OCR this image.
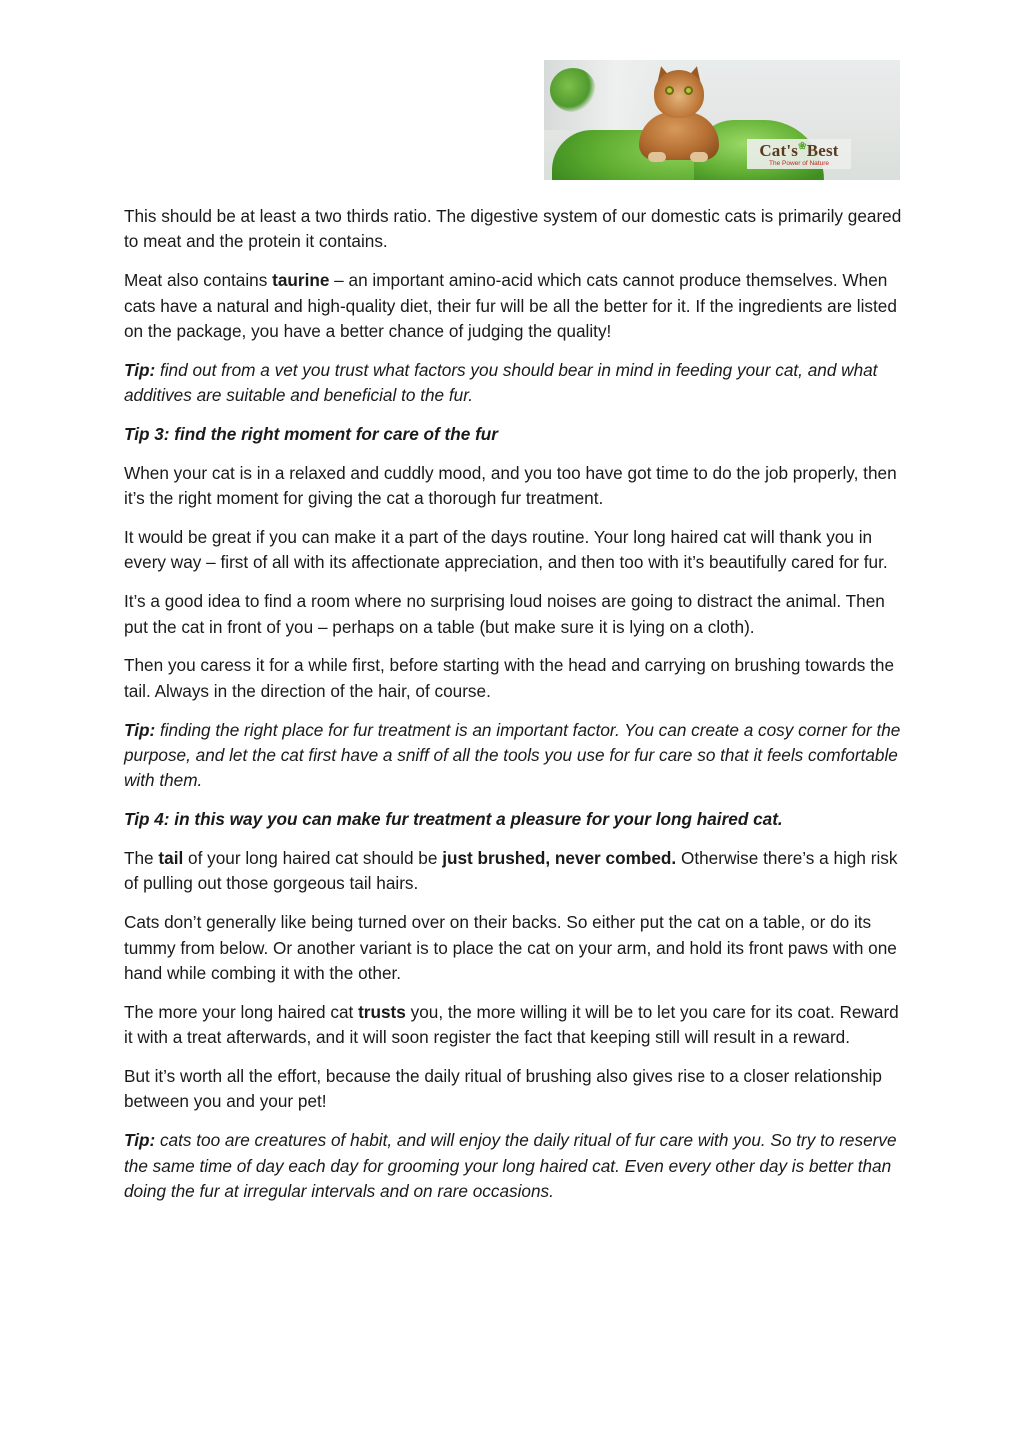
Cat's❀Best
The Power of Nature

This should be at least a two thirds ratio. The digestive system of our domestic cats is primarily geared to meat and the protein it contains.

Meat also contains taurine – an important amino-acid which cats cannot produce themselves. When cats have a natural and high-quality diet, their fur will be all the better for it. If the ingredients are listed on the package, you have a better chance of judging the quality!

Tip: find out from a vet you trust what factors you should bear in mind in feeding your cat, and what additives are suitable and beneficial to the fur.

Tip 3: find the right moment for care of the fur

When your cat is in a relaxed and cuddly mood, and you too have got time to do the job properly, then it’s the right moment for giving the cat a thorough fur treatment.

It would be great if you can make it a part of the days routine. Your long haired cat will thank you in every way – first of all with its affectionate appreciation, and then too with it’s beautifully cared for fur.

It’s a good idea to find a room where no surprising loud noises are going to distract the animal. Then put the cat in front of you – perhaps on a table (but make sure it is lying on a cloth).

Then you caress it for a while first, before starting with the head and carrying on brushing towards the tail. Always in the direction of the hair, of course.

Tip: finding the right place for fur treatment is an important factor. You can create a cosy corner for the purpose, and let the cat first have a sniff of all the tools you use for fur care so that it feels comfortable with them.

Tip 4: in this way you can make fur treatment a pleasure for your long haired cat.

The tail of your long haired cat should be just brushed, never combed. Otherwise there’s a high risk of pulling out those gorgeous tail hairs.

Cats don’t generally like being turned over on their backs. So either put the cat on a table, or do its tummy from below. Or another variant is to place the cat on your arm, and hold its front paws with one hand while combing it with the other.

The more your long haired cat trusts you, the more willing it will be to let you care for its coat. Reward it with a treat afterwards, and it will soon register the fact that keeping still will result in a reward.

But it’s worth all the effort, because the daily ritual of brushing also gives rise to a closer relationship between you and your pet!

Tip: cats too are creatures of habit, and will enjoy the daily ritual of fur care with you. So try to reserve the same time of day each day for grooming your long haired cat. Even every other day is better than doing the fur at irregular intervals and on rare occasions.
